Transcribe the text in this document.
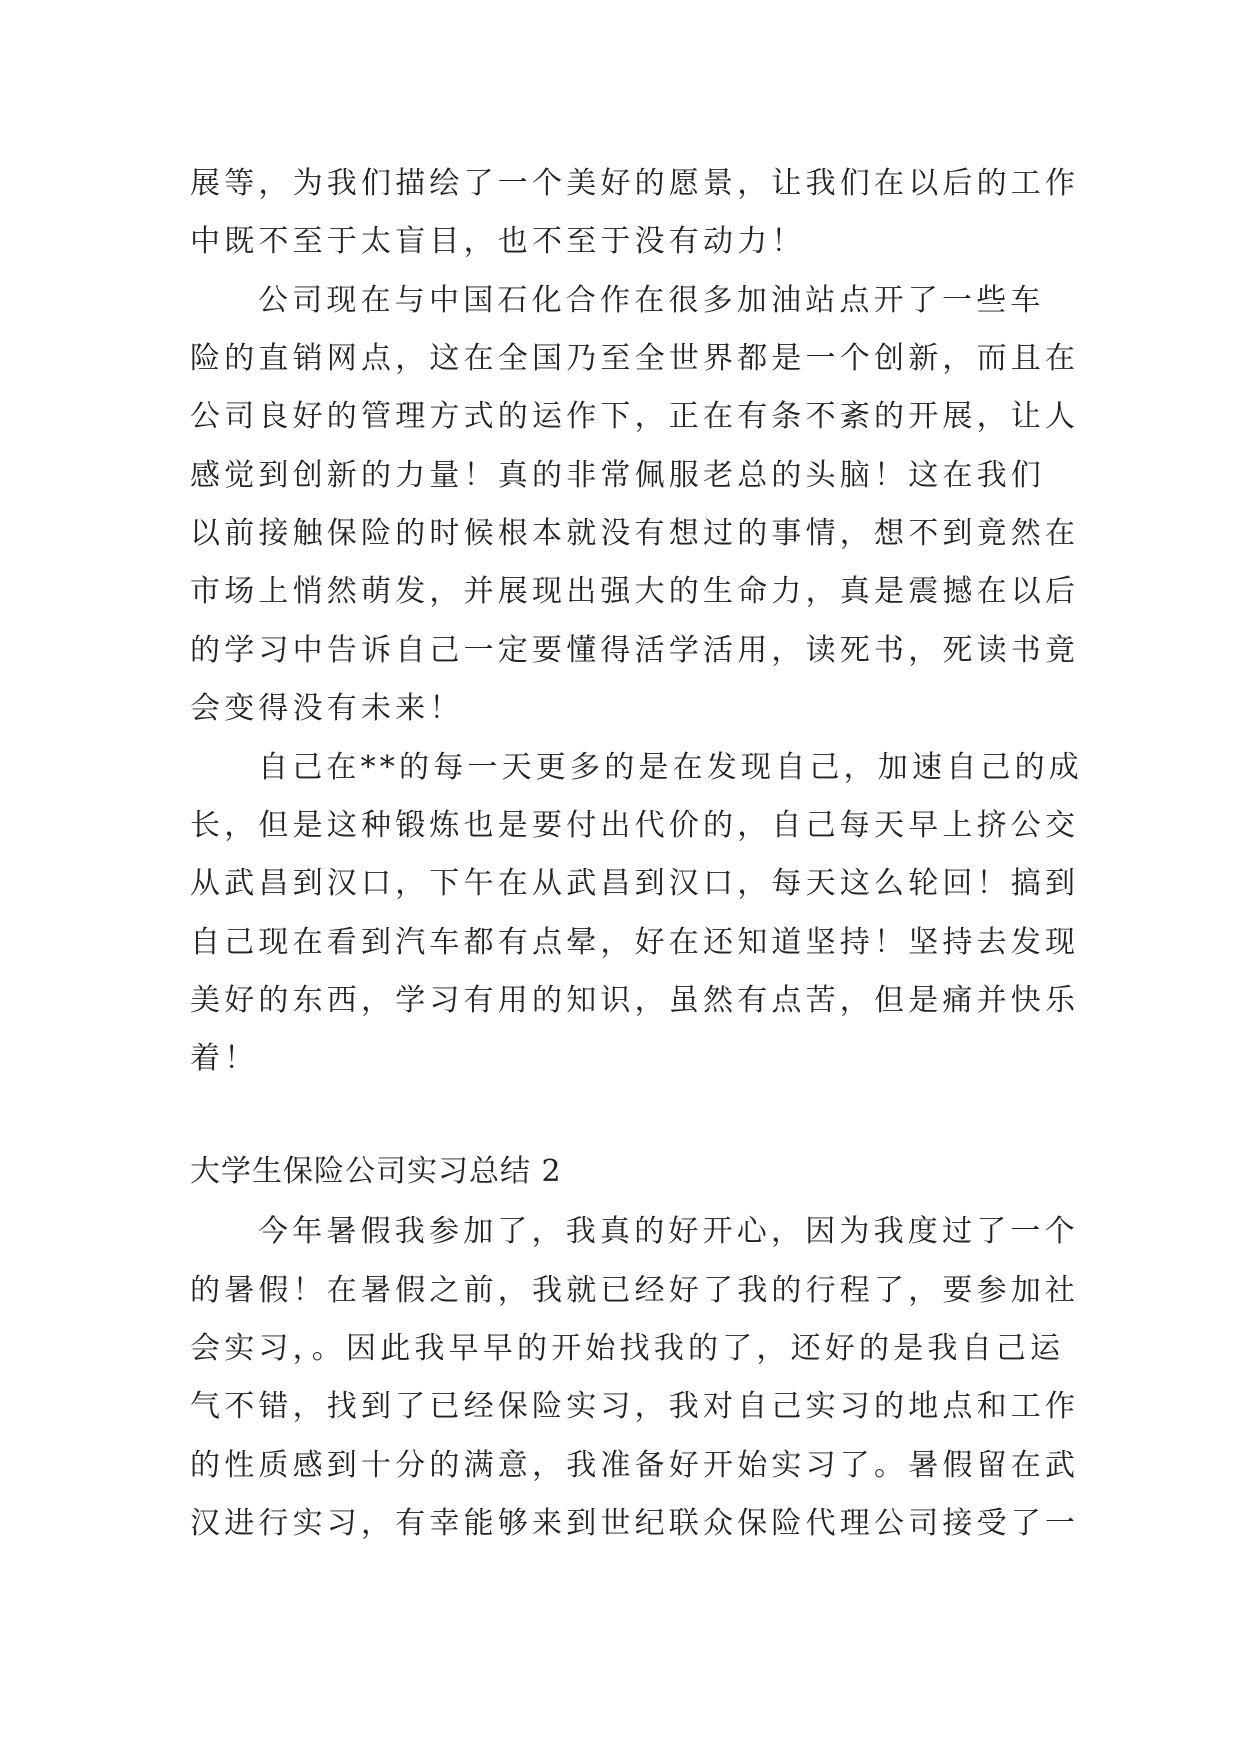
展等，为我们描绘了一个美好的愿景，让我们在以后的工作
中既不至于太盲目，也不至于没有动力！
公司现在与中国石化合作在很多加油站点开了一些车
险的直销网点，这在全国乃至全世界都是一个创新，而且在
公司良好的管理方式的运作下，正在有条不紊的开展，让人
感觉到创新的力量！真的非常佩服老总的头脑！这在我们
以前接触保险的时候根本就没有想过的事情，想不到竟然在
市场上悄然萌发，并展现出强大的生命力，真是震撼在以后
的学习中告诉自己一定要懂得活学活用，读死书，死读书竟
会变得没有未来！
自己在**的每一天更多的是在发现自己，加速自己的成
长，但是这种锻炼也是要付出代价的，自己每天早上挤公交
从武昌到汉口，下午在从武昌到汉口，每天这么轮回！搞到
自己现在看到汽车都有点晕，好在还知道坚持！坚持去发现
美好的东西，学习有用的知识，虽然有点苦，但是痛并快乐
着！
大学生保险公司实习总结 2
今年暑假我参加了，我真的好开心，因为我度过了一个
的暑假！在暑假之前，我就已经好了我的行程了，要参加社
会实习，。因此我早早的开始找我的了，还好的是我自己运
气不错，找到了已经保险实习，我对自己实习的地点和工作
的性质感到十分的满意，我准备好开始实习了。暑假留在武
汉进行实习，有幸能够来到世纪联众保险代理公司接受了一
